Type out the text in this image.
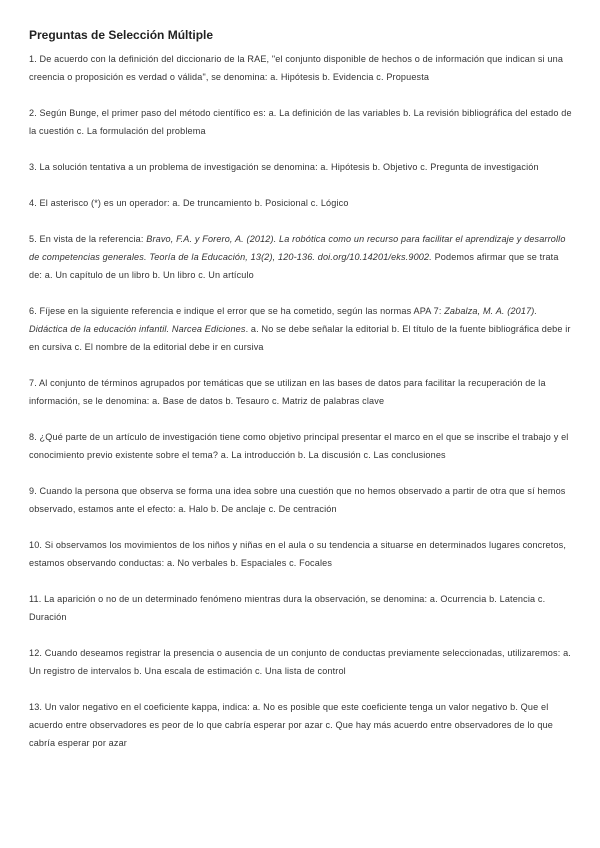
Preguntas de Selección Múltiple

1. De acuerdo con la definición del diccionario de la RAE, "el conjunto disponible de hechos o de información que indican si una creencia o proposición es verdad o válida", se denomina: a. Hipótesis b. Evidencia c. Propuesta

2. Según Bunge, el primer paso del método científico es: a. La definición de las variables b. La revisión bibliográfica del estado de la cuestión c. La formulación del problema

3. La solución tentativa a un problema de investigación se denomina: a. Hipótesis b. Objetivo c. Pregunta de investigación

4. El asterisco (*) es un operador: a. De truncamiento b. Posicional c. Lógico

5. En vista de la referencia: Bravo, F.A. y Forero, A. (2012). La robótica como un recurso para facilitar el aprendizaje y desarrollo de competencias generales. Teoría de la Educación, 13(2), 120-136. doi.org/10.14201/eks.9002. Podemos afirmar que se trata de: a. Un capítulo de un libro b. Un libro c. Un artículo

6. Fíjese en la siguiente referencia e indique el error que se ha cometido, según las normas APA 7: Zabalza, M. A. (2017). Didáctica de la educación infantil. Narcea Ediciones. a. No se debe señalar la editorial b. El título de la fuente bibliográfica debe ir en cursiva c. El nombre de la editorial debe ir en cursiva

7. Al conjunto de términos agrupados por temáticas que se utilizan en las bases de datos para facilitar la recuperación de la información, se le denomina: a. Base de datos b. Tesauro c. Matriz de palabras clave

8. ¿Qué parte de un artículo de investigación tiene como objetivo principal presentar el marco en el que se inscribe el trabajo y el conocimiento previo existente sobre el tema? a. La introducción b. La discusión c. Las conclusiones

9. Cuando la persona que observa se forma una idea sobre una cuestión que no hemos observado a partir de otra que sí hemos observado, estamos ante el efecto: a. Halo b. De anclaje c. De centración

10. Si observamos los movimientos de los niños y niñas en el aula o su tendencia a situarse en determinados lugares concretos, estamos observando conductas: a. No verbales b. Espaciales c. Focales

11. La aparición o no de un determinado fenómeno mientras dura la observación, se denomina: a. Ocurrencia b. Latencia c. Duración

12. Cuando deseamos registrar la presencia o ausencia de un conjunto de conductas previamente seleccionadas, utilizaremos: a. Un registro de intervalos b. Una escala de estimación c. Una lista de control

13. Un valor negativo en el coeficiente kappa, indica: a. No es posible que este coeficiente tenga un valor negativo b. Que el acuerdo entre observadores es peor de lo que cabría esperar por azar c. Que hay más acuerdo entre observadores de lo que cabría esperar por azar
